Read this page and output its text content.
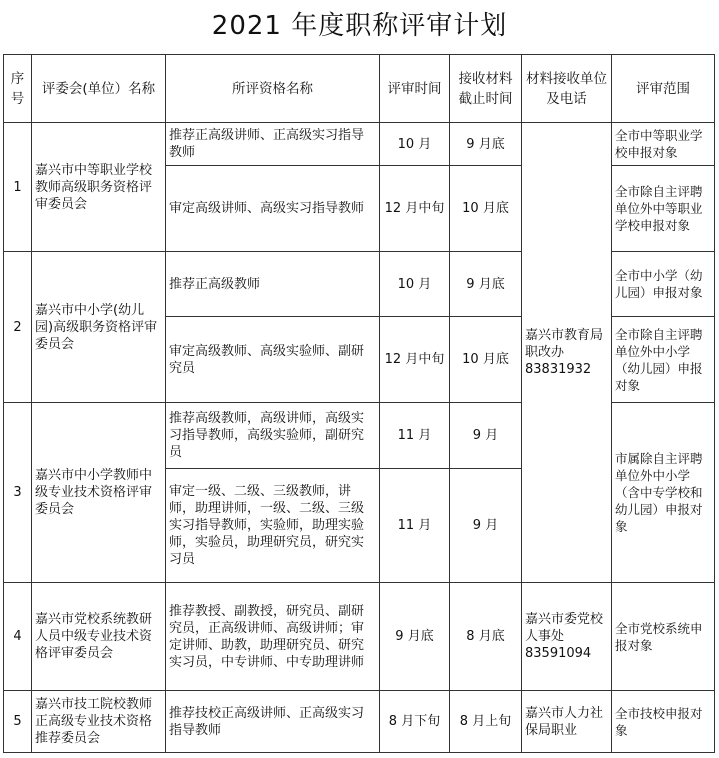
2021 年度职称评审计划
序号	评委会(单位）名称	所评资格名称	评审时间	接收材料截止时间	材料接收单位及电话	评审范围
1	嘉兴市中等职业学校教师高级职务资格评审委员会	推荐正高级讲师、正高级实习指导教师	10 月	9 月底	嘉兴市教育局职改办83831932	全市中等职业学校申报对象
		审定高级讲师、高级实习指导教师	12 月中旬	10 月底		全市除自主评聘单位外中等职业学校申报对象
2	嘉兴市中小学(幼儿园)高级职务资格评审委员会	推荐正高级教师	10 月	9 月底		全市中小学（幼儿园）申报对象
		审定高级教师、高级实验师、副研究员	12 月中旬	10 月底		全市除自主评聘单位外中小学（幼儿园）申报对象
3	嘉兴市中小学教师中级专业技术资格评审委员会	推荐高级教师，高级讲师，高级实习指导教师，高级实验师，副研究员	11 月	9 月		市属除自主评聘单位外中小学（含中专学校和幼儿园）申报对象
		审定一级、二级、三级教师，讲师，助理讲师，一级、二级、三级实习指导教师，实验师，助理实验师，实验员，助理研究员，研究实习员	11 月	9 月		
4	嘉兴市党校系统教研人员中级专业技术资格评审委员会	推荐教授、副教授，研究员、副研究员，正高级讲师、高级讲师；审定讲师、助教，助理研究员、研究实习员，中专讲师、中专助理讲师	9 月底	8 月底	嘉兴市委党校人事处83591094	全市党校系统申报对象
5	嘉兴市技工院校教师正高级专业技术资格推荐委员会	推荐技校正高级讲师、正高级实习指导教师	8 月下旬	8 月上旬	嘉兴市人力社保局职业	全市技校申报对象
